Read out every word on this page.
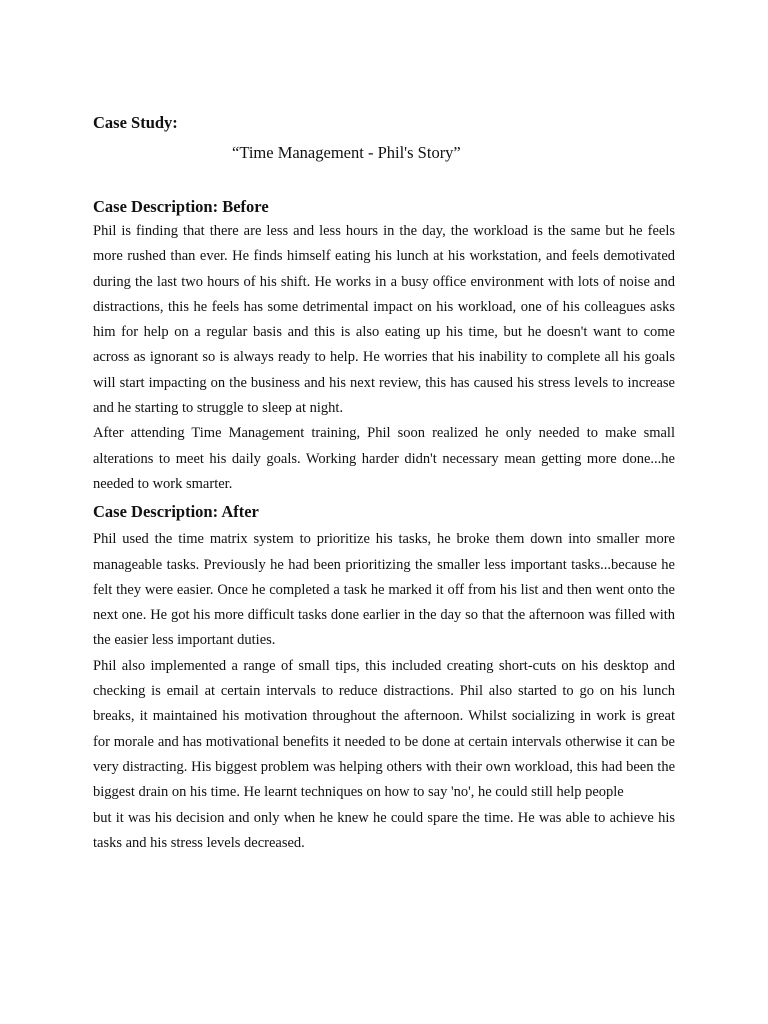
Case Study:

“Time Management - Phil's Story”

Case Description: Before

Phil is finding that there are less and less hours in the day, the workload is the same but he feels more rushed than ever. He finds himself eating his lunch at his workstation, and feels demotivated during the last two hours of his shift. He works in a busy office environment with lots of noise and distractions, this he feels has some detrimental impact on his workload, one of his colleagues asks him for help on a regular basis and this is also eating up his time, but he doesn't want to come across as ignorant so is always ready to help. He worries that his inability to complete all his goals will start impacting on the business and his next review, this has caused his stress levels to increase and he starting to struggle to sleep at night.

After attending Time Management training, Phil soon realized he only needed to make small alterations to meet his daily goals. Working harder didn't necessary mean getting more done...he needed to work smarter.

Case Description: After

Phil used the time matrix system to prioritize his tasks, he broke them down into smaller more manageable tasks. Previously he had been prioritizing the smaller less important tasks...because he felt they were easier. Once he completed a task he marked it off from his list and then went onto the next one. He got his more difficult tasks done earlier in the day so that the afternoon was filled with the easier less important duties.

Phil also implemented a range of small tips, this included creating short-cuts on his desktop and checking is email at certain intervals to reduce distractions. Phil also started to go on his lunch breaks, it maintained his motivation throughout the afternoon. Whilst socializing in work is great for morale and has motivational benefits it needed to be done at certain intervals otherwise it can be very distracting. His biggest problem was helping others with their own workload, this had been the biggest drain on his time. He learnt techniques on how to say 'no', he could still help people

but it was his decision and only when he knew he could spare the time. He was able to achieve his tasks and his stress levels decreased.
